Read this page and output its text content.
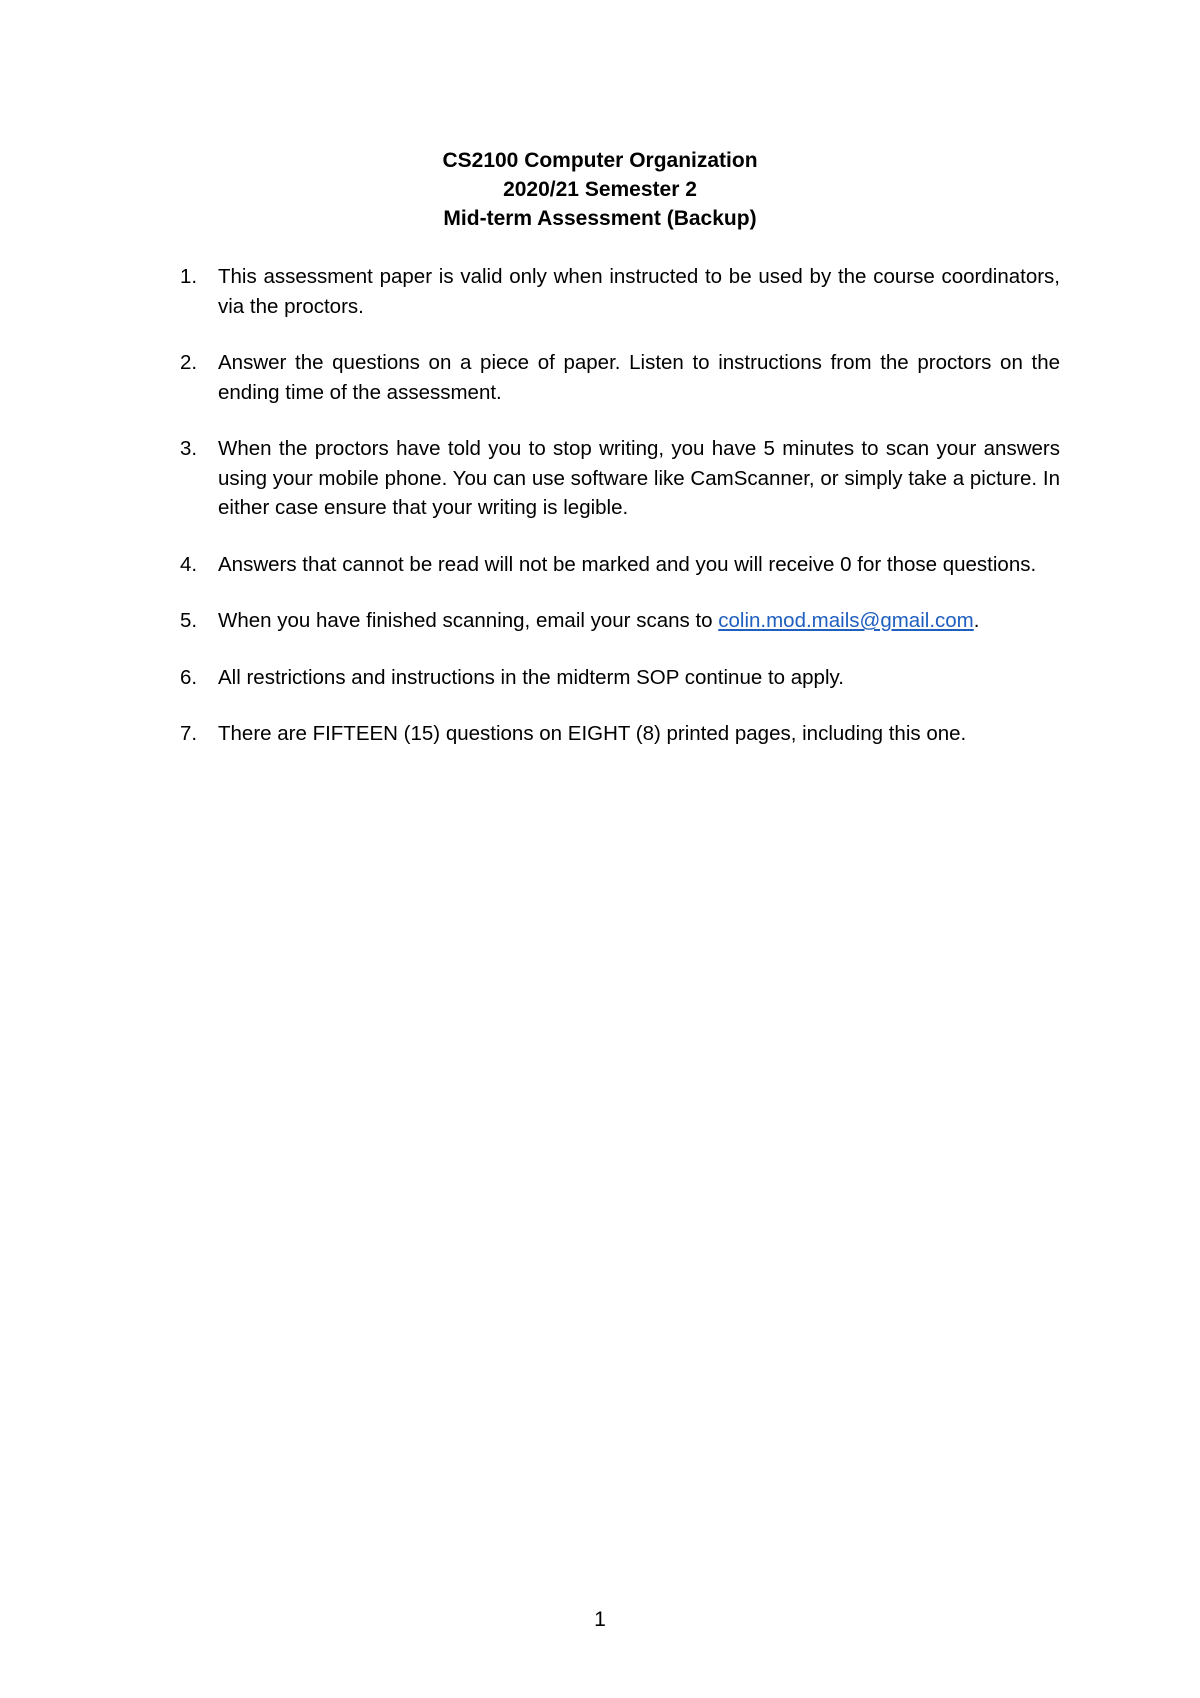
CS2100 Computer Organization
2020/21 Semester 2
Mid-term Assessment (Backup)
1. This assessment paper is valid only when instructed to be used by the course coordinators, via the proctors.
2. Answer the questions on a piece of paper. Listen to instructions from the proctors on the ending time of the assessment.
3. When the proctors have told you to stop writing, you have 5 minutes to scan your answers using your mobile phone. You can use software like CamScanner, or simply take a picture. In either case ensure that your writing is legible.
4. Answers that cannot be read will not be marked and you will receive 0 for those questions.
5. When you have finished scanning, email your scans to colin.mod.mails@gmail.com.
6. All restrictions and instructions in the midterm SOP continue to apply.
7. There are FIFTEEN (15) questions on EIGHT (8) printed pages, including this one.
1
